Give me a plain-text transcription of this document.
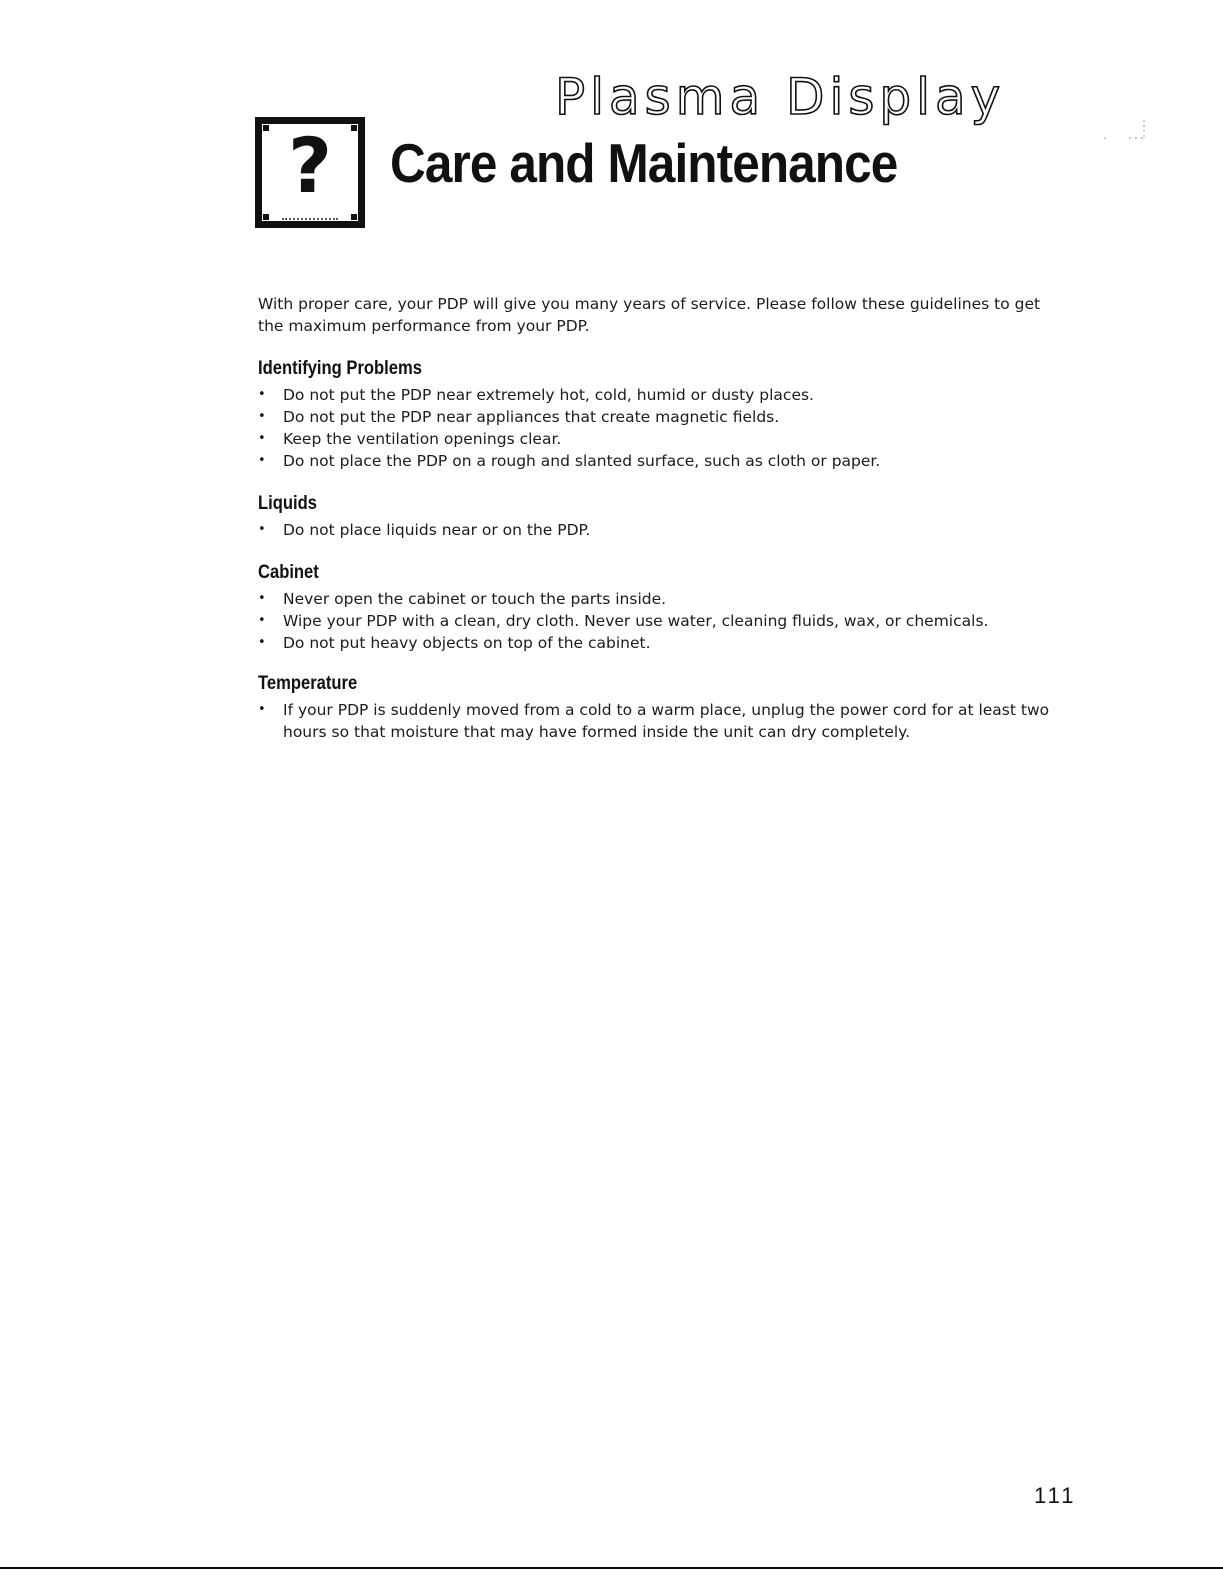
Plasma Display
?	Care and Maintenance

With proper care, your PDP will give you many years of service. Please follow these guidelines to get the maximum performance from your PDP.

Identifying Problems
• Do not put the PDP near extremely hot, cold, humid or dusty places.
• Do not put the PDP near appliances that create magnetic fields.
• Keep the ventilation openings clear.
• Do not place the PDP on a rough and slanted surface, such as cloth or paper.
Liquids
• Do not place liquids near or on the PDP.
Cabinet
• Never open the cabinet or touch the parts inside.
• Wipe your PDP with a clean, dry cloth. Never use water, cleaning fluids, wax, or chemicals.
• Do not put heavy objects on top of the cabinet.
Temperature
• If your PDP is suddenly moved from a cold to a warm place, unplug the power cord for at least two hours so that moisture that may have formed inside the unit can dry completely.
111
